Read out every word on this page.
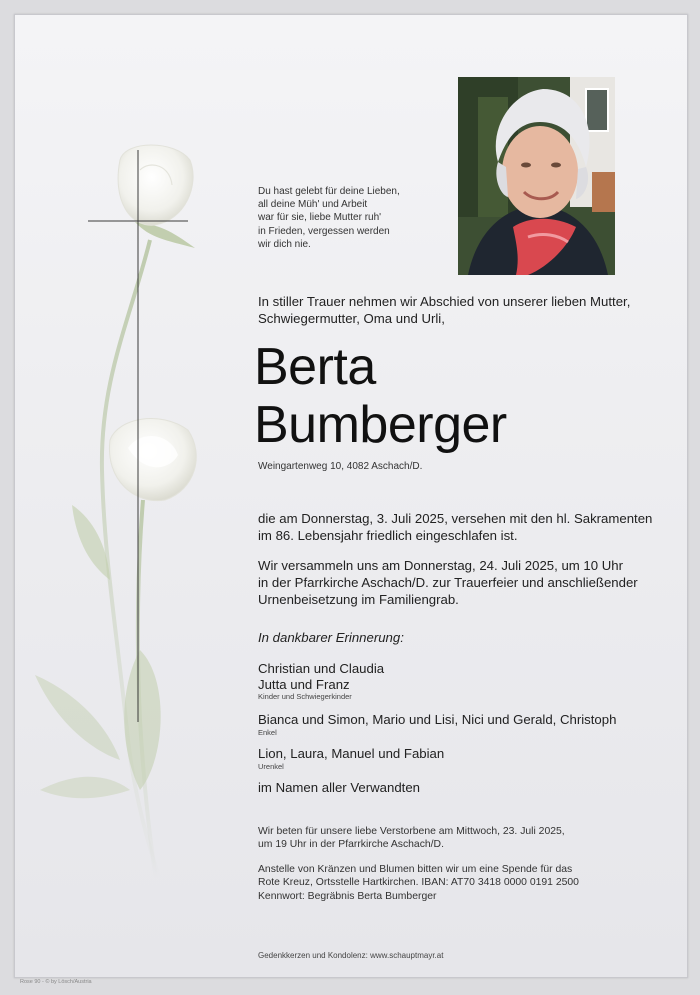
Du hast gelebt für deine Lieben,
all deine Müh' und Arbeit
war für sie, liebe Mutter ruh'
in Frieden, vergessen werden
wir dich nie.
In stiller Trauer nehmen wir Abschied von unserer lieben Mutter,
Schwiegermutter, Oma und Urli,
Berta
Bumberger
Weingartenweg 10, 4082 Aschach/D.
die am Donnerstag, 3. Juli 2025, versehen mit den hl. Sakramenten
im 86. Lebensjahr friedlich eingeschlafen ist.
Wir versammeln uns am Donnerstag, 24. Juli 2025, um 10 Uhr
in der Pfarrkirche Aschach/D. zur Trauerfeier und anschließender
Urnenbeisetzung im Familiengrab.
In dankbarer Erinnerung:
Christian und Claudia
Jutta und Franz
Kinder und Schwiegerkinder
Bianca und Simon, Mario und Lisi, Nici und Gerald, Christoph
Enkel
Lion, Laura, Manuel und Fabian
Urenkel
im Namen aller Verwandten
Wir beten für unsere liebe Verstorbene am Mittwoch, 23. Juli 2025,
um 19 Uhr in der Pfarrkirche Aschach/D.
Anstelle von Kränzen und Blumen bitten wir um eine Spende für das
Rote Kreuz, Ortsstelle Hartkirchen. IBAN: AT70 3418 0000 0191 2500
Kennwort: Begräbnis Berta Bumberger
Gedenkkerzen und Kondolenz: www.schauptmayr.at
Rose 90 - © by Lösch/Austria
